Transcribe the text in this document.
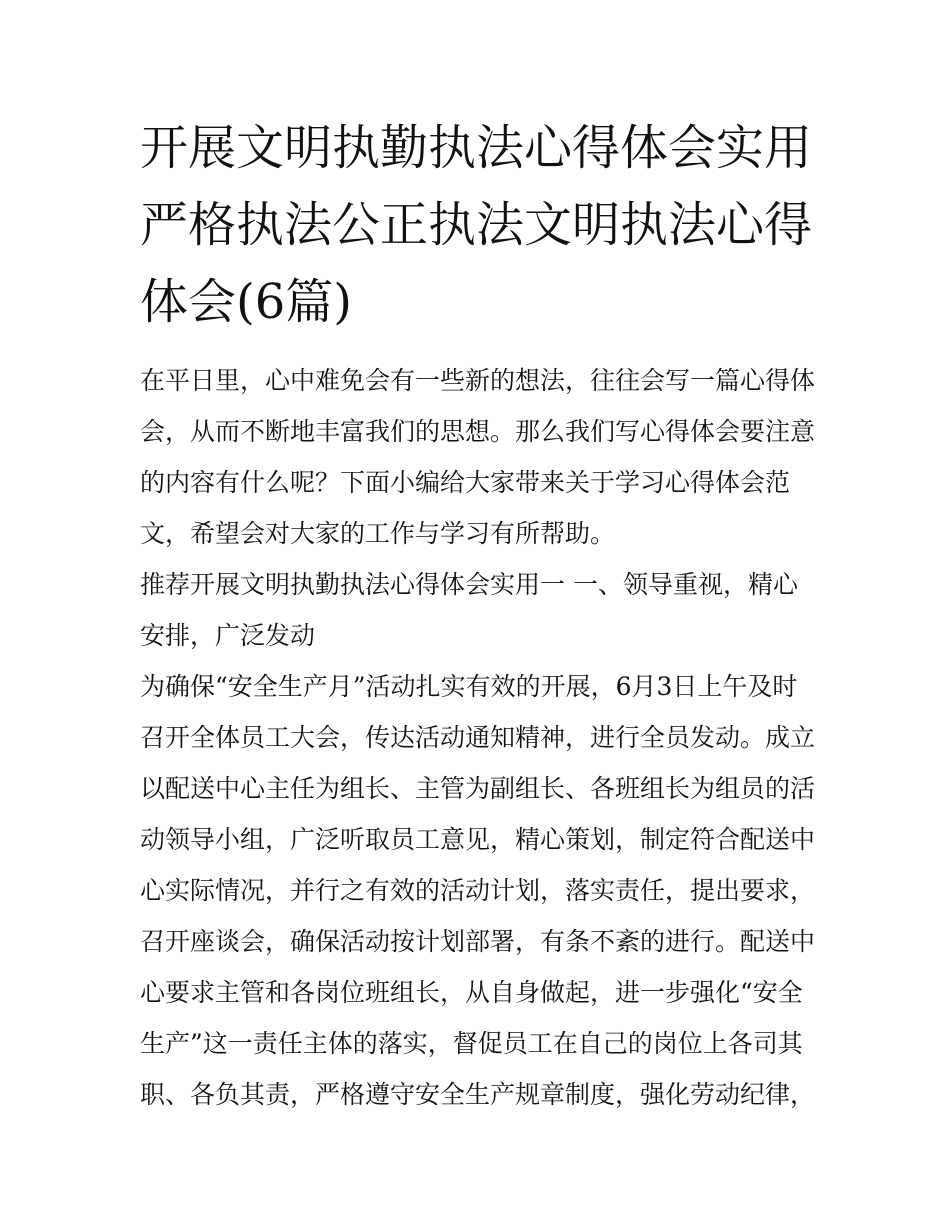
开展文明执勤执法心得体会实用 严格执法公正执法文明执法心得体会(6篇)

在平日里，心中难免会有一些新的想法，往往会写一篇心得体会，从而不断地丰富我们的思想。那么我们写心得体会要注意的内容有什么呢？下面小编给大家带来关于学习心得体会范文，希望会对大家的工作与学习有所帮助。

推荐开展文明执勤执法心得体会实用一 一、领导重视，精心安排，广泛发动

为确保“安全生产月”活动扎实有效的开展，6月3日上午及时召开全体员工大会，传达活动通知精神，进行全员发动。成立以配送中心主任为组长、主管为副组长、各班组长为组员的活动领导小组，广泛听取员工意见，精心策划，制定符合配送中心实际情况，并行之有效的活动计划，落实责任，提出要求，召开座谈会，确保活动按计划部署，有条不紊的进行。配送中心要求主管和各岗位班组长，从自身做起，进一步强化“安全生产”这一责任主体的落实，督促员工在自己的岗位上各司其职、各负其责，严格遵守安全生产规章制度，强化劳动纪律，
